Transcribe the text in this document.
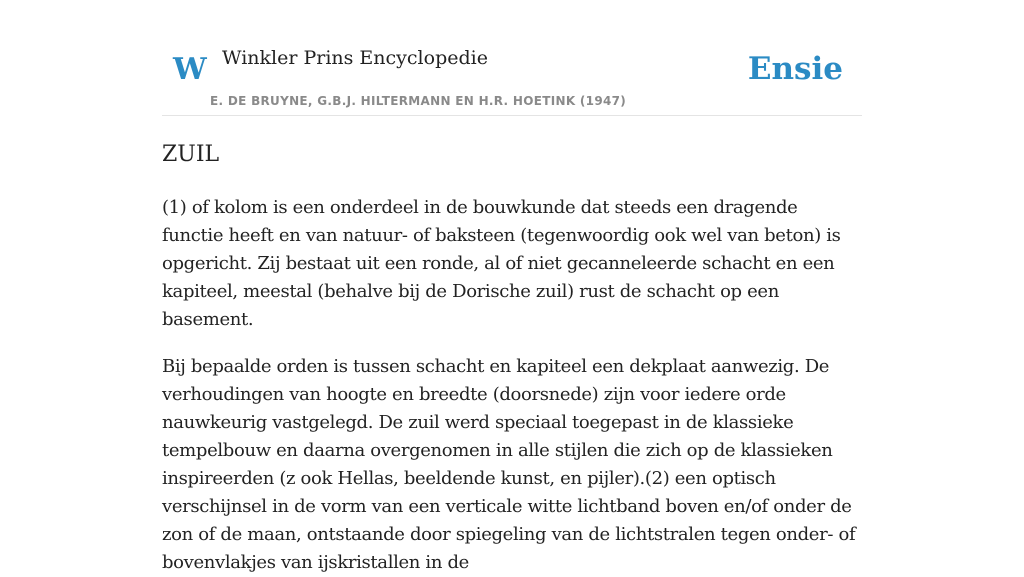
W Winkler Prins Encyclopedie
E. DE BRUYNE, G.B.J. HILTERMANN EN H.R. HOETINK (1947)
Ensie
ZUIL

(1) of kolom is een onderdeel in de bouwkunde dat steeds een dragende functie heeft en van natuur- of baksteen (tegenwoordig ook wel van beton) is opgericht. Zij bestaat uit een ronde, al of niet gecanneleerde schacht en een kapiteel, meestal (behalve bij de Dorische zuil) rust de schacht op een basement.

Bij bepaalde orden is tussen schacht en kapiteel een dekplaat aanwezig. De verhoudingen van hoogte en breedte (doorsnede) zijn voor iedere orde nauwkeurig vastgelegd. De zuil werd speciaal toegepast in de klassieke tempelbouw en daarna overgenomen in alle stijlen die zich op de klassieken inspireerden (z ook Hellas, beeldende kunst, en pijler).(2) een optisch verschijnsel in de vorm van een verticale witte lichtband boven en/of onder de zon of de maan, ontstaande door spiegeling van de lichtstralen tegen onder- of bovenvlakjes van ijskristallen in de
